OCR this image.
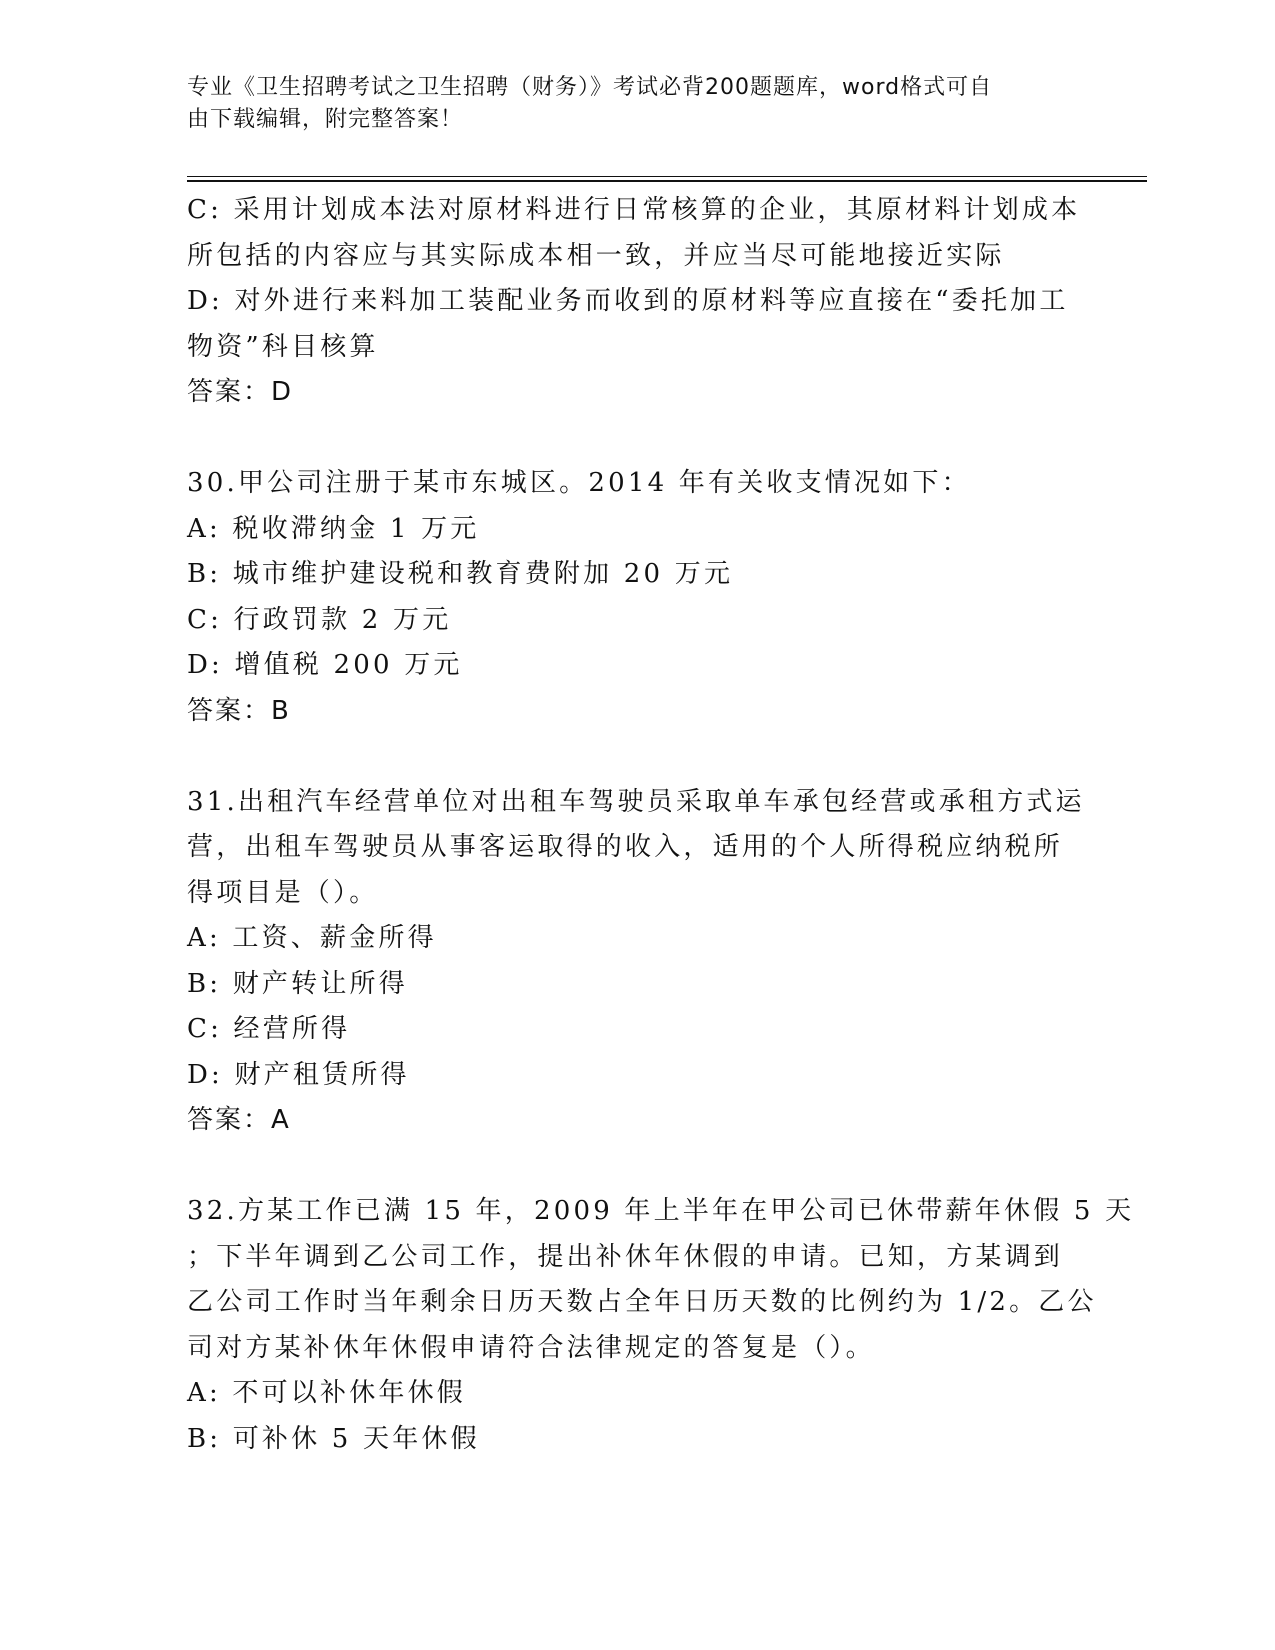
专业《卫生招聘考试之卫生招聘（财务）》考试必背200题题库，word格式可自
由下载编辑，附完整答案！
C: 采用计划成本法对原材料进行日常核算的企业，其原材料计划成本
所包括的内容应与其实际成本相一致，并应当尽可能地接近实际
D: 对外进行来料加工装配业务而收到的原材料等应直接在“委托加工
物资”科目核算
答案：D
30.甲公司注册于某市东城区。2014 年有关收支情况如下：
A: 税收滞纳金 1 万元
B: 城市维护建设税和教育费附加 20 万元
C: 行政罚款 2 万元
D: 增值税 200 万元
答案：B
31.出租汽车经营单位对出租车驾驶员采取单车承包经营或承租方式运
营，出租车驾驶员从事客运取得的收入，适用的个人所得税应纳税所
得项目是（）。
A: 工资、薪金所得
B: 财产转让所得
C: 经营所得
D: 财产租赁所得
答案：A
32.方某工作已满 15 年，2009 年上半年在甲公司已休带薪年休假 5 天
；下半年调到乙公司工作，提出补休年休假的申请。已知，方某调到
乙公司工作时当年剩余日历天数占全年日历天数的比例约为 1/2。乙公
司对方某补休年休假申请符合法律规定的答复是（）。
A: 不可以补休年休假
B: 可补休 5 天年休假
